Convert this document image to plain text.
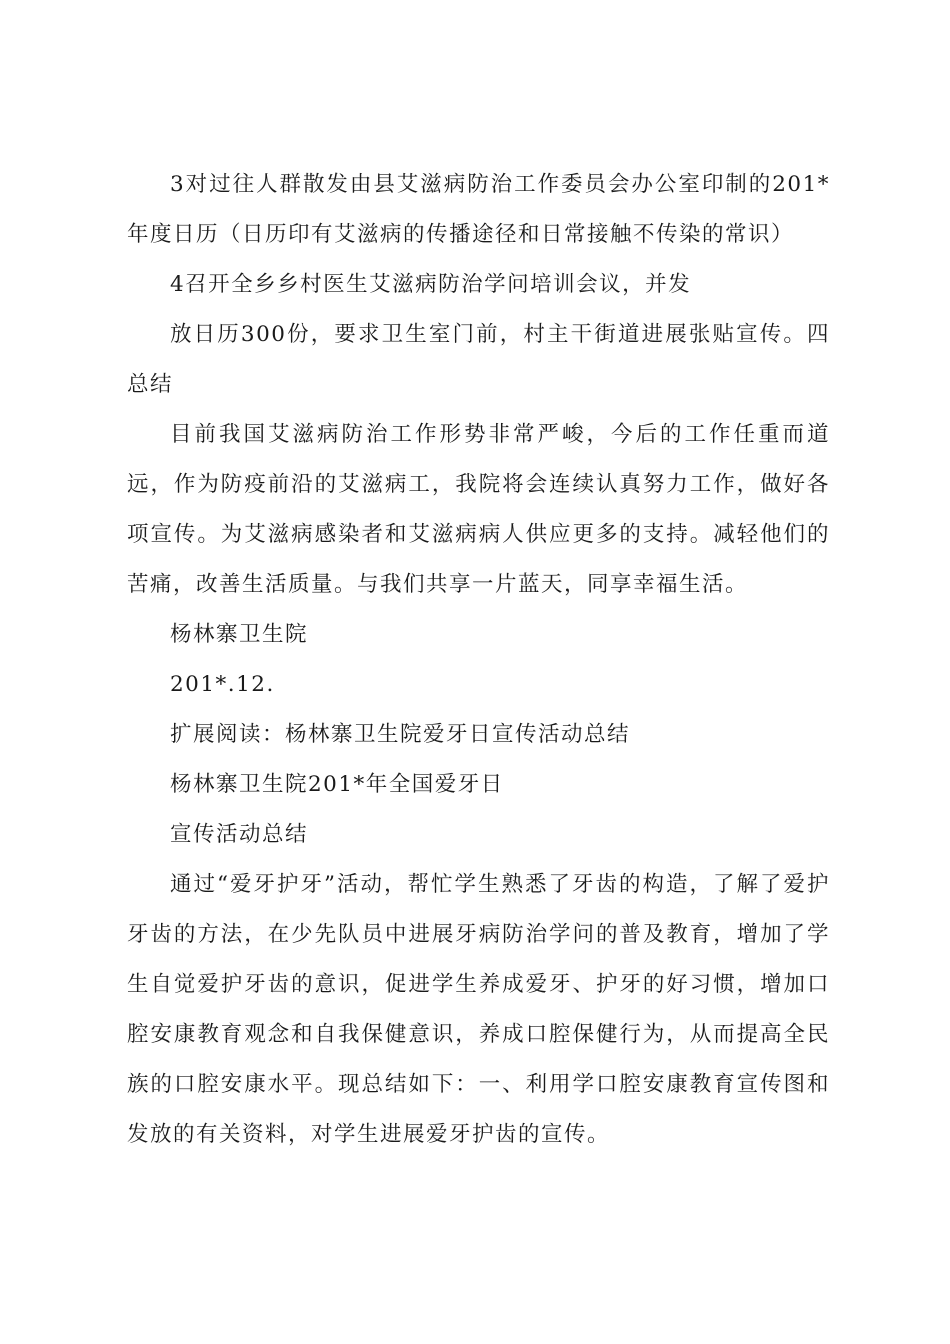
3对过往人群散发由县艾滋病防治工作委员会办公室印制的201*年度日历（日历印有艾滋病的传播途径和日常接触不传染的常识）

4召开全乡乡村医生艾滋病防治学问培训会议，并发

放日历300份，要求卫生室门前，村主干街道进展张贴宣传。四总结

目前我国艾滋病防治工作形势非常严峻，今后的工作任重而道远，作为防疫前沿的艾滋病工，我院将会连续认真努力工作，做好各项宣传。为艾滋病感染者和艾滋病病人供应更多的支持。减轻他们的苦痛，改善生活质量。与我们共享一片蓝天，同享幸福生活。

杨林寨卫生院

201*.12.

扩展阅读：杨林寨卫生院爱牙日宣传活动总结

杨林寨卫生院201*年全国爱牙日

宣传活动总结

通过“爱牙护牙”活动，帮忙学生熟悉了牙齿的构造，了解了爱护牙齿的方法，在少先队员中进展牙病防治学问的普及教育，增加了学生自觉爱护牙齿的意识，促进学生养成爱牙、护牙的好习惯，增加口腔安康教育观念和自我保健意识，养成口腔保健行为，从而提高全民族的口腔安康水平。现总结如下：一、利用学口腔安康教育宣传图和发放的有关资料，对学生进展爱牙护齿的宣传。
